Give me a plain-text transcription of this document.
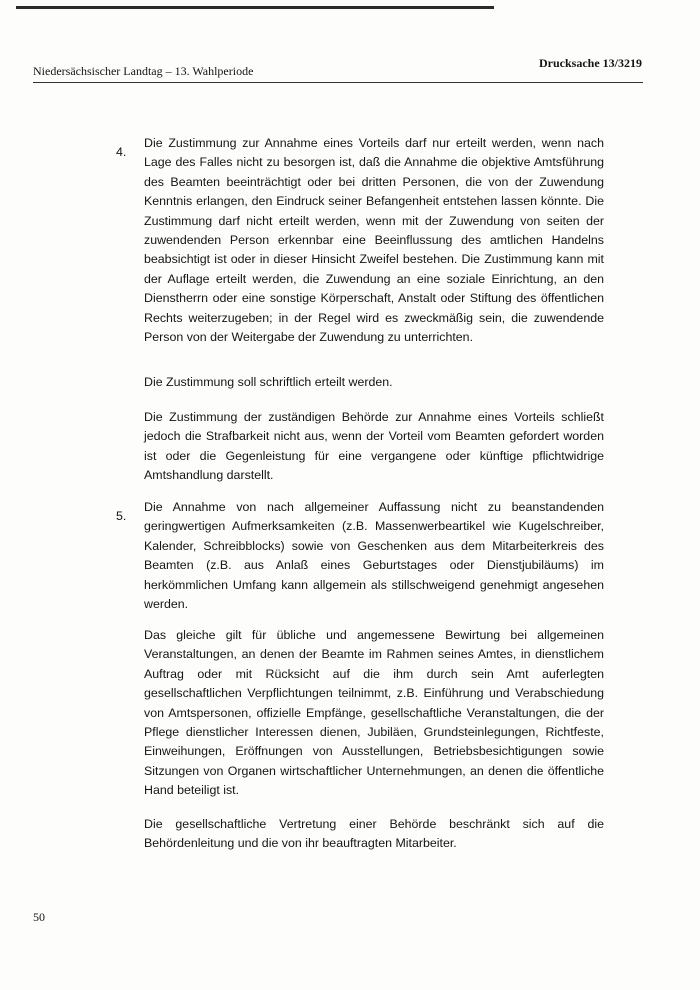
Niedersächsischer Landtag – 13. Wahlperiode
Drucksache 13/3219

4.

Die Zustimmung zur Annahme eines Vorteils darf nur erteilt werden, wenn nach Lage des Falles nicht zu besorgen ist, daß die Annahme die objektive Amtsführung des Beamten beeinträchtigt oder bei dritten Personen, die von der Zuwendung Kenntnis erlangen, den Eindruck seiner Befangenheit entstehen lassen könnte. Die Zustimmung darf nicht erteilt werden, wenn mit der Zuwendung von seiten der zuwendenden Person erkennbar eine Beeinflussung des amtlichen Handelns beabsichtigt ist oder in dieser Hinsicht Zweifel bestehen. Die Zustimmung kann mit der Auflage erteilt werden, die Zuwendung an eine soziale Einrichtung, an den Dienstherrn oder eine sonstige Körperschaft, Anstalt oder Stiftung des öffentlichen Rechts weiterzugeben; in der Regel wird es zweckmäßig sein, die zuwendende Person von der Weitergabe der Zuwendung zu unterrichten.

Die Zustimmung soll schriftlich erteilt werden.

Die Zustimmung der zuständigen Behörde zur Annahme eines Vorteils schließt jedoch die Strafbarkeit nicht aus, wenn der Vorteil vom Beamten gefordert worden ist oder die Gegenleistung für eine vergangene oder künftige pflichtwidrige Amtshandlung darstellt.

5.

Die Annahme von nach allgemeiner Auffassung nicht zu beanstandenden geringwertigen Aufmerksamkeiten (z.B. Massenwerbeartikel wie Kugelschreiber, Kalender, Schreibblocks) sowie von Geschenken aus dem Mitarbeiterkreis des Beamten (z.B. aus Anlaß eines Geburtstages oder Dienstjubiläums) im herkömmlichen Umfang kann allgemein als stillschweigend genehmigt angesehen werden.

Das gleiche gilt für übliche und angemessene Bewirtung bei allgemeinen Veranstaltungen, an denen der Beamte im Rahmen seines Amtes, in dienstlichem Auftrag oder mit Rücksicht auf die ihm durch sein Amt auferlegten gesellschaftlichen Verpflichtungen teilnimmt, z.B. Einführung und Verabschiedung von Amtspersonen, offizielle Empfänge, gesellschaftliche Veranstaltungen, die der Pflege dienstlicher Interessen dienen, Jubiläen, Grundsteinlegungen, Richtfeste, Einweihungen, Eröffnungen von Ausstellungen, Betriebsbesichtigungen sowie Sitzungen von Organen wirtschaftlicher Unternehmungen, an denen die öffentliche Hand beteiligt ist.

Die gesellschaftliche Vertretung einer Behörde beschränkt sich auf die Behördenleitung und die von ihr beauftragten Mitarbeiter.

50
